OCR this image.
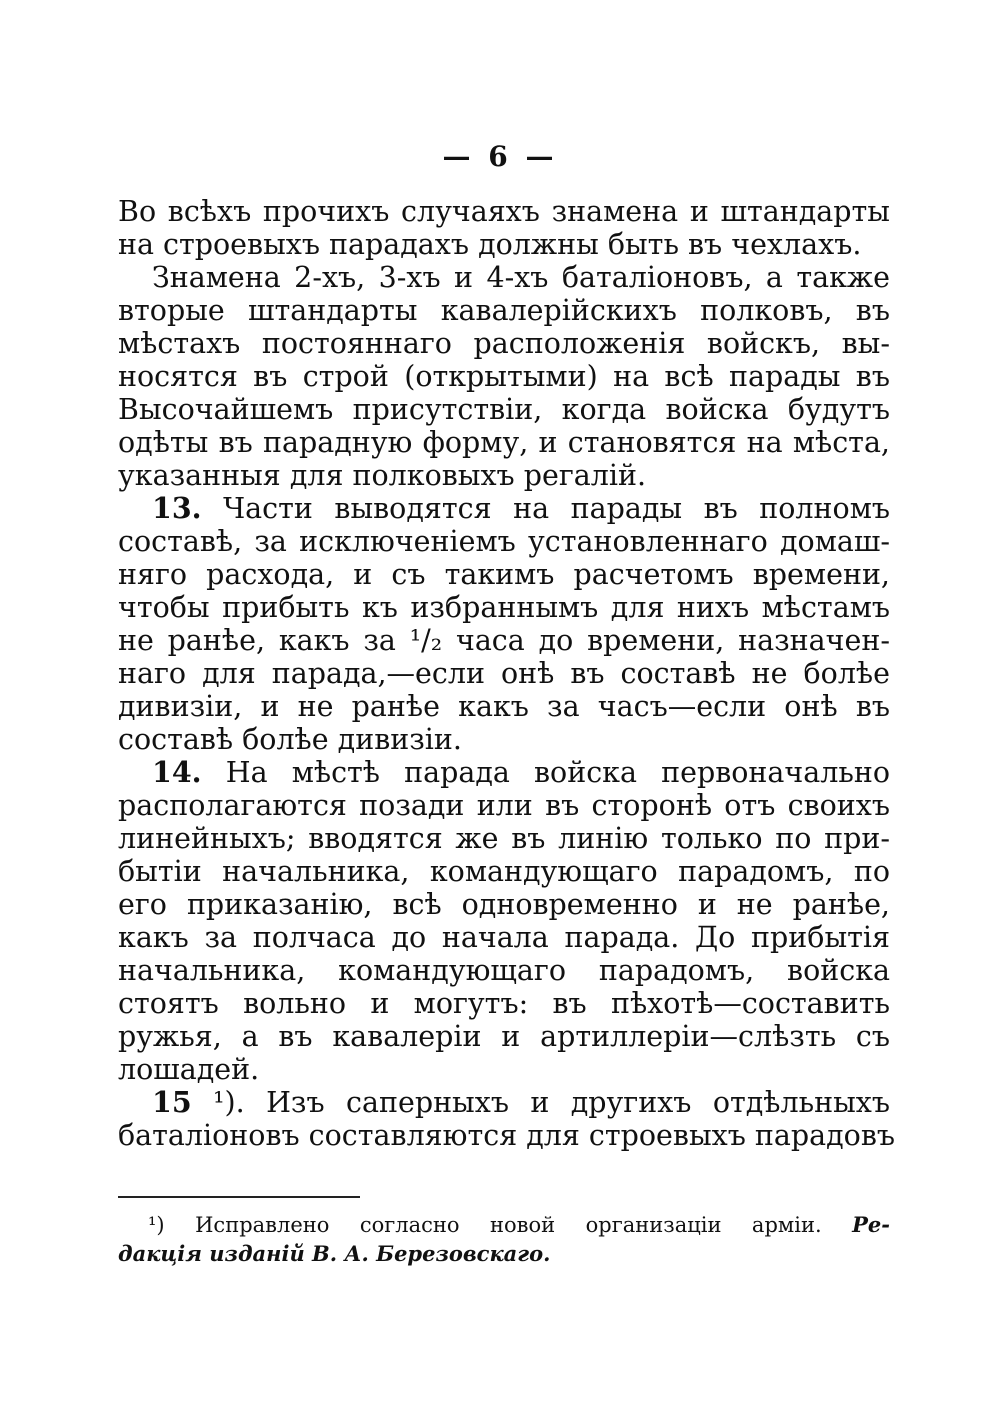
— 6 —
Во всѣхъ прочихъ случаяхъ знамена и штандарты
на строевыхъ парадахъ должны быть въ чехлахъ.
Знамена 2-хъ, 3-хъ и 4-хъ баталіоновъ, а также
вторые штандарты кавалерійскихъ полковъ, въ
мѣстахъ постояннаго расположенія войскъ, вы-
носятся въ строй (открытыми) на всѣ парады въ
Высочайшемъ присутствіи, когда войска будутъ
одѣты въ парадную форму, и становятся на мѣста,
указанныя для полковыхъ регалій.
13. Части выводятся на парады въ полномъ
составѣ, за исключеніемъ установленнаго домаш-
няго расхода, и съ такимъ расчетомъ времени,
чтобы прибыть къ избраннымъ для нихъ мѣстамъ
не ранѣе, какъ за ¹/₂ часа до времени, назначен-
наго для парада,—если онѣ въ составѣ не болѣе
дивизіи, и не ранѣе какъ за часъ—если онѣ въ
составѣ болѣе дивизіи.
14. На мѣстѣ парада войска первоначально
располагаются позади или въ сторонѣ отъ своихъ
линейныхъ; вводятся же въ линію только по при-
бытіи начальника, командующаго парадомъ, по
его приказанію, всѣ одновременно и не ранѣе,
какъ за полчаса до начала парада. До прибытія
начальника, командующаго парадомъ, войска
стоятъ вольно и могутъ: въ пѣхотѣ—составить
ружья, а въ кавалеріи и артиллеріи—слѣзть съ
лошадей.
15 ¹). Изъ саперныхъ и другихъ отдѣльныхъ
баталіоновъ составляются для строевыхъ парадовъ
¹) Исправлено согласно новой организаціи арміи. Ре-
дакція изданій В. А. Березовскаго.
